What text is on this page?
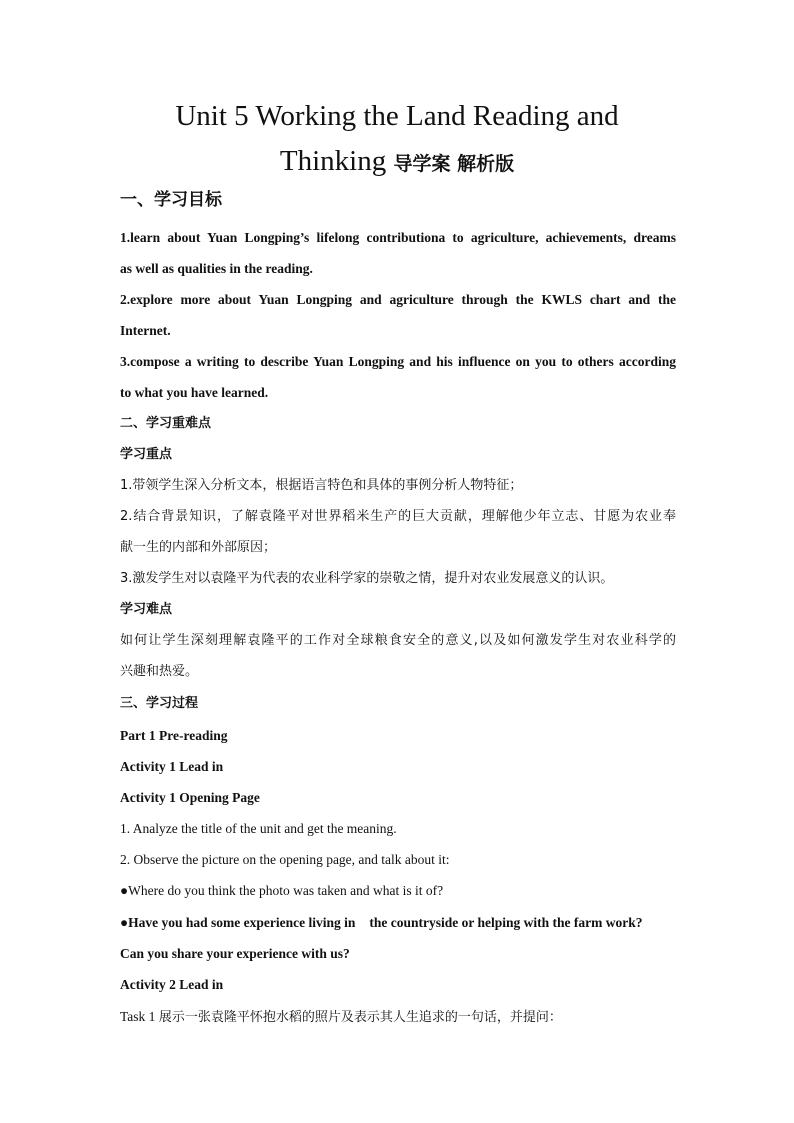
Unit 5 Working the Land Reading and
Thinking 导学案 解析版
一、学习目标
1.learn about Yuan Longping’s lifelong contributiona to agriculture, achievements, dreams
as well as qualities in the reading.
2.explore more about Yuan Longping and agriculture through the KWLS chart and the
Internet.
3.compose a writing to describe Yuan Longping and his influence on you to others according
to what you have learned.
二、学习重难点
学习重点
1.带领学生深入分析文本，根据语言特色和具体的事例分析人物特征；
2.结合背景知识，了解袁隆平对世界稻米生产的巨大贡献，理解他少年立志、甘愿为农业奉
献一生的内部和外部原因；
3.激发学生对以袁隆平为代表的农业科学家的崇敬之情，提升对农业发展意义的认识。
学习难点
如何让学生深刻理解袁隆平的工作对全球粮食安全的意义,以及如何激发学生对农业科学的
兴趣和热爱。
三、学习过程
Part 1 Pre-reading
Activity 1 Lead in
Activity 1 Opening Page
1. Analyze the title of the unit and get the meaning.
2. Observe the picture on the opening page, and talk about it:
●Where do you think the photo was taken and what is it of?
●Have you had some experience living in the countryside or helping with the farm work?
Can you share your experience with us?
Activity 2 Lead in
Task 1 展示一张袁隆平怀抱水稻的照片及表示其人生追求的一句话，并提问：
